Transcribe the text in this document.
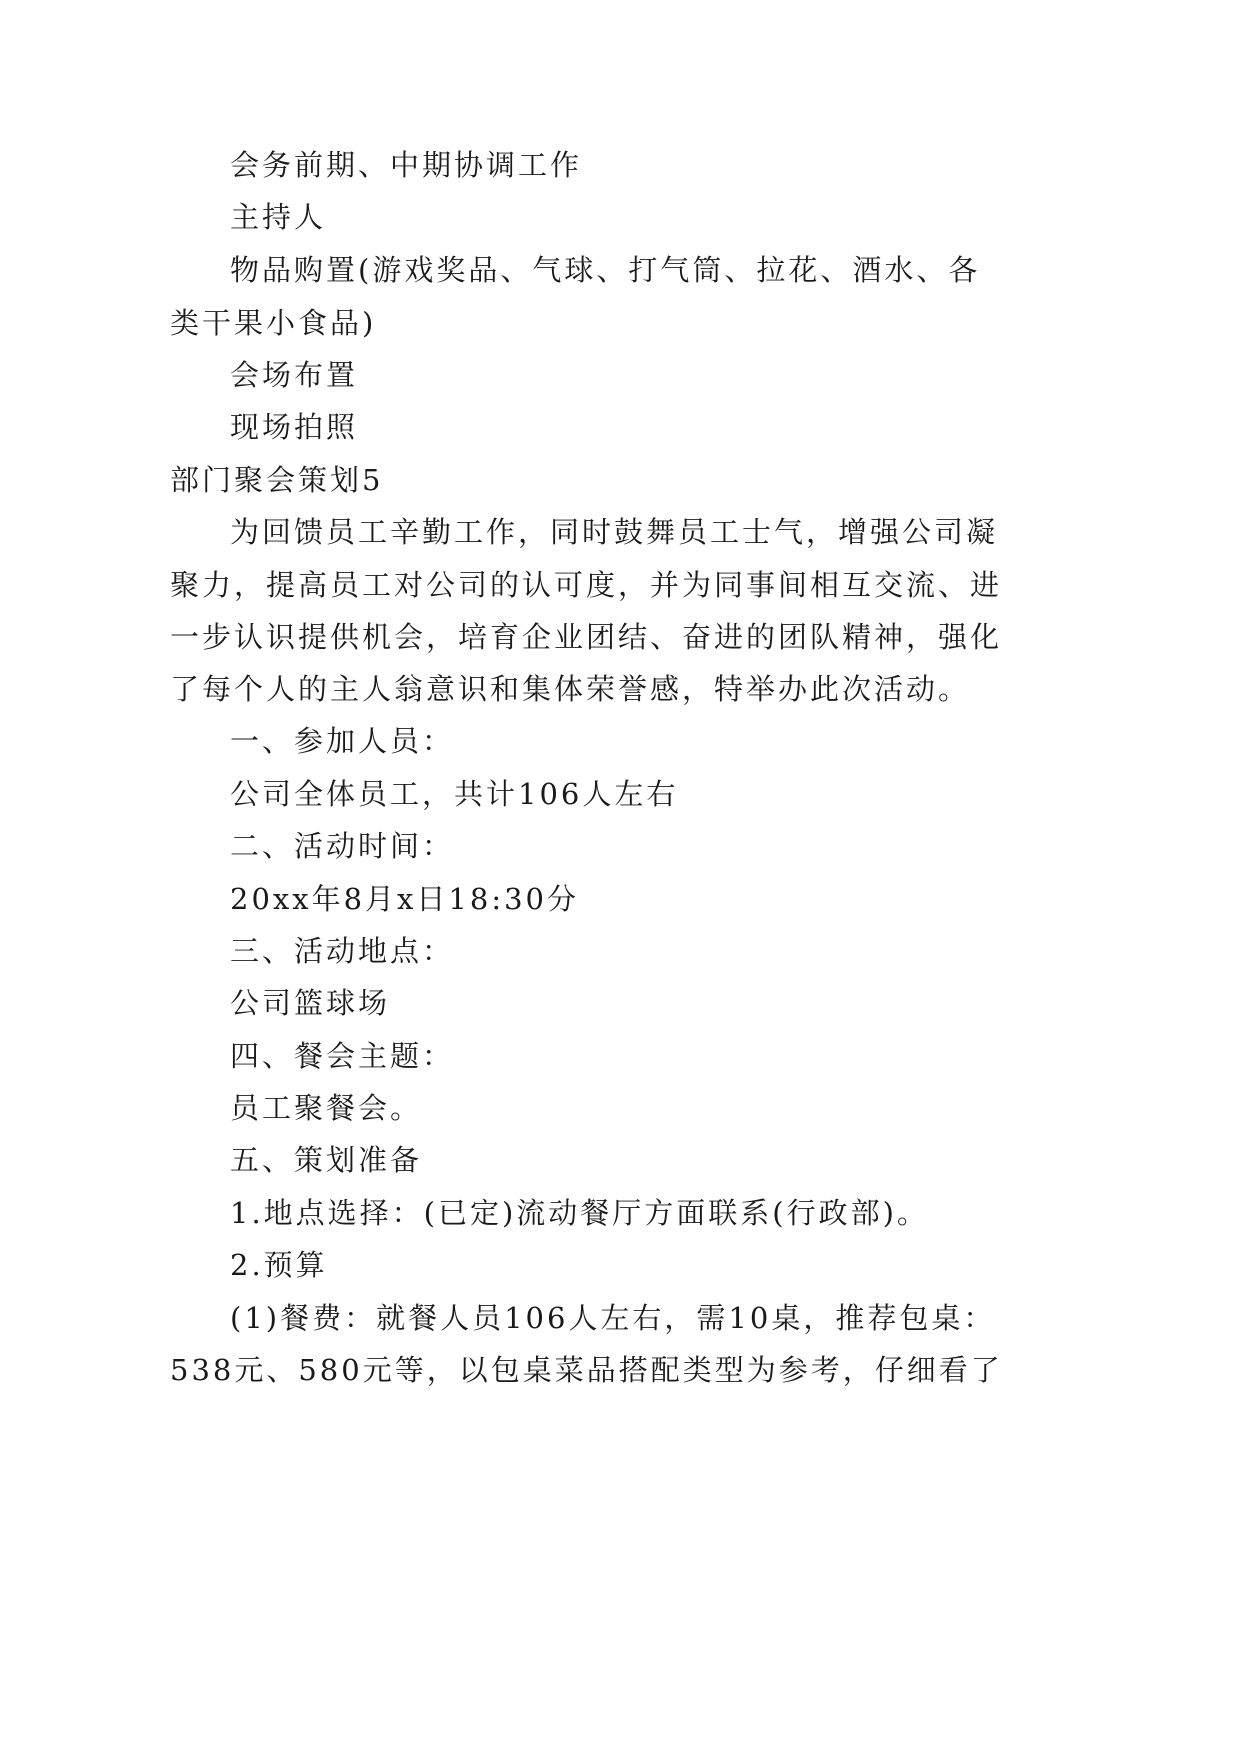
会务前期、中期协调工作
主持人
物品购置(游戏奖品、气球、打气筒、拉花、酒水、各
类干果小食品)
会场布置
现场拍照
部门聚会策划5
为回馈员工辛勤工作，同时鼓舞员工士气，增强公司凝
聚力，提高员工对公司的认可度，并为同事间相互交流、进
一步认识提供机会，培育企业团结、奋进的团队精神，强化
了每个人的主人翁意识和集体荣誉感，特举办此次活动。
一、参加人员：
公司全体员工，共计106人左右
二、活动时间：
20xx年8月x日18:30分
三、活动地点：
公司篮球场
四、餐会主题：
员工聚餐会。
五、策划准备
1.地点选择：(已定)流动餐厅方面联系(行政部)。
2.预算
(1)餐费：就餐人员106人左右，需10桌，推荐包桌：
538元、580元等，以包桌菜品搭配类型为参考，仔细看了
